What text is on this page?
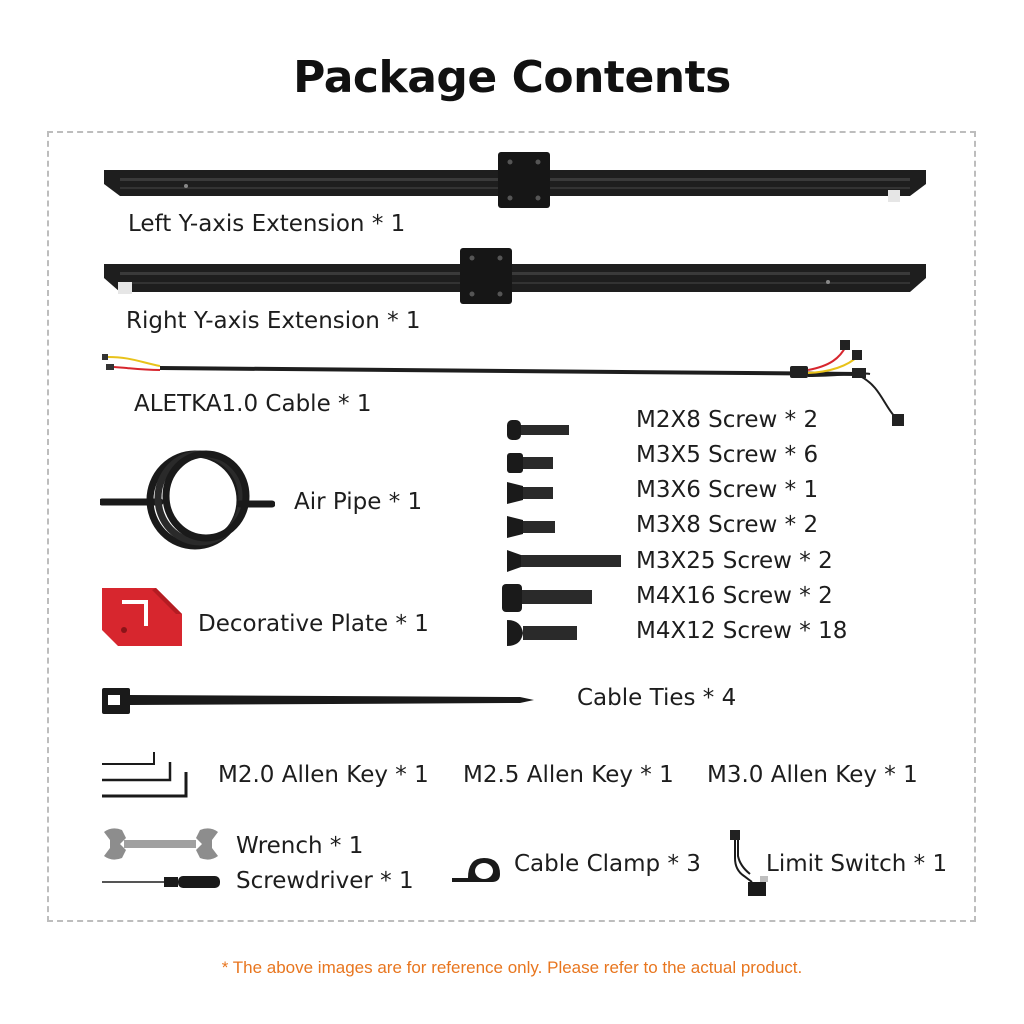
Package Contents
Left Y-axis Extension * 1
Right Y-axis Extension * 1
ALETKA1.0 Cable * 1
Air Pipe * 1
Decorative Plate * 1
M2X8 Screw * 2
M3X5 Screw * 6
M3X6 Screw * 1
M3X8 Screw * 2
M3X25 Screw * 2
M4X16 Screw * 2
M4X12 Screw * 18
Cable Ties * 4
M2.0 Allen Key * 1 M2.5 Allen Key * 1 M3.0 Allen Key * 1
Wrench * 1
Screwdriver * 1
Cable Clamp * 3	Limit Switch * 1
* The above images are for reference only. Please refer to the actual product.
